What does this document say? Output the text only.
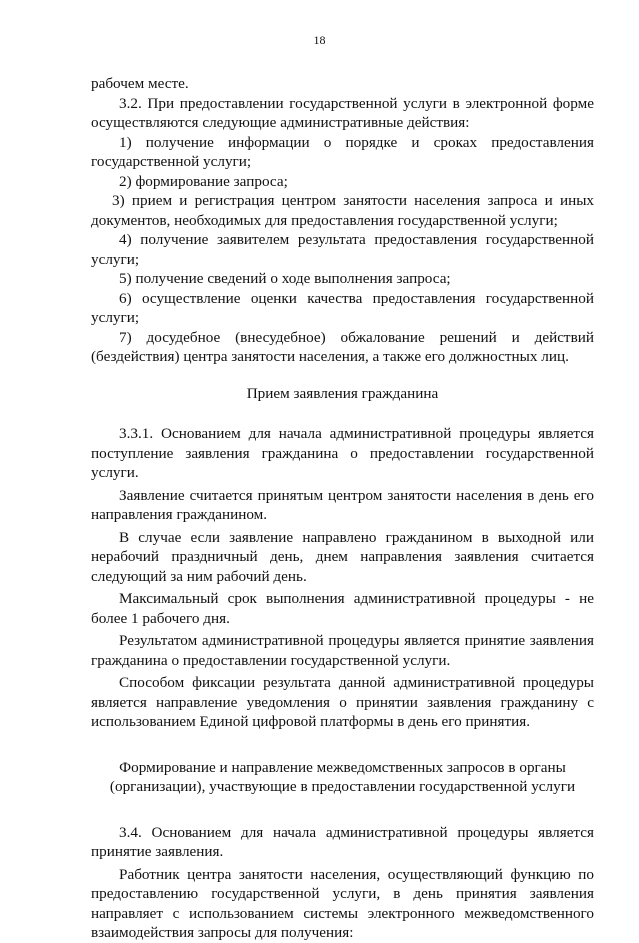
18

рабочем месте.

3.2. При предоставлении государственной услуги в электронной форме осуществляются следующие административные действия:

1) получение информации о порядке и сроках предоставления государственной услуги;

2) формирование запроса;

3) прием и регистрация центром занятости населения запроса и иных документов, необходимых для предоставления государственной услуги;

4) получение заявителем результата предоставления государственной услуги;

5) получение сведений о ходе выполнения запроса;

6) осуществление оценки качества предоставления государственной услуги;

7) досудебное (внесудебное) обжалование решений и действий (бездействия) центра занятости населения, а также его должностных лиц.

Прием заявления гражданина

3.3.1. Основанием для начала административной процедуры является поступление заявления гражданина о предоставлении государственной услуги.

Заявление считается принятым центром занятости населения в день его направления гражданином.

В случае если заявление направлено гражданином в выходной или нерабочий праздничный день, днем направления заявления считается следующий за ним рабочий день.

Максимальный срок выполнения административной процедуры - не более 1 рабочего дня.

Результатом административной процедуры является принятие заявления гражданина о предоставлении государственной услуги.

Способом фиксации результата данной административной процедуры является направление уведомления о принятии заявления гражданину с использованием Единой цифровой платформы в день его принятия.

Формирование и направление межведомственных запросов в органы

(организации), участвующие в предоставлении государственной услуги

3.4. Основанием для начала административной процедуры является принятие заявления.

Работник центра занятости населения, осуществляющий функцию по предоставлению государственной услуги, в день принятия заявления направляет с использованием системы электронного межведомственного взаимодействия запросы для получения:
